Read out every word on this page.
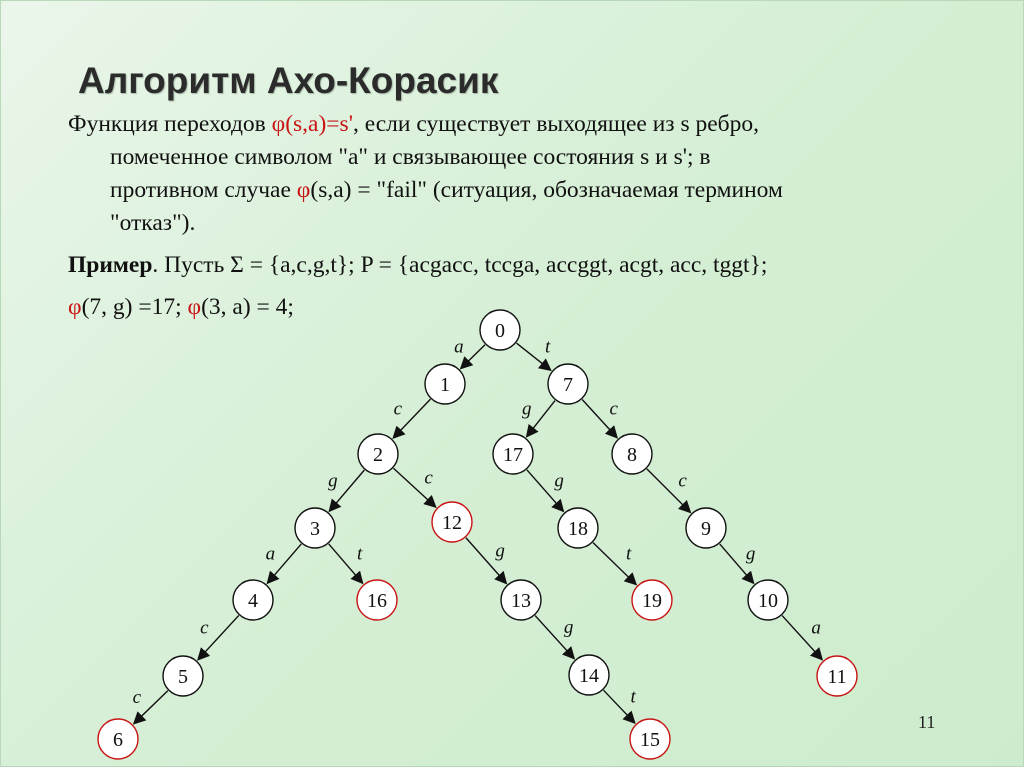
Алгоритм Ахо-Корасик
Функция переходов φ(s,a)=s', если существует выходящее из s ребро,
помеченное символом "a" и связывающее состояния s и s'; в
противном случае φ(s,a) = "fail" (ситуация, обозначаемая термином
"отказ").
Пример. Пусть Σ = {a,c,g,t}; P = {acgacc, tccga, accggt, acgt, acc, tggt};
φ(7, g) =17; φ(3, a) = 4;
a	t
c	g	c
g	c	g	c
a	t	g	t	g
c	g	a
c	t
0
1	7
2	17	8
3	12	18	9
4	16	13	19	10
5	14	11
6	15
11
